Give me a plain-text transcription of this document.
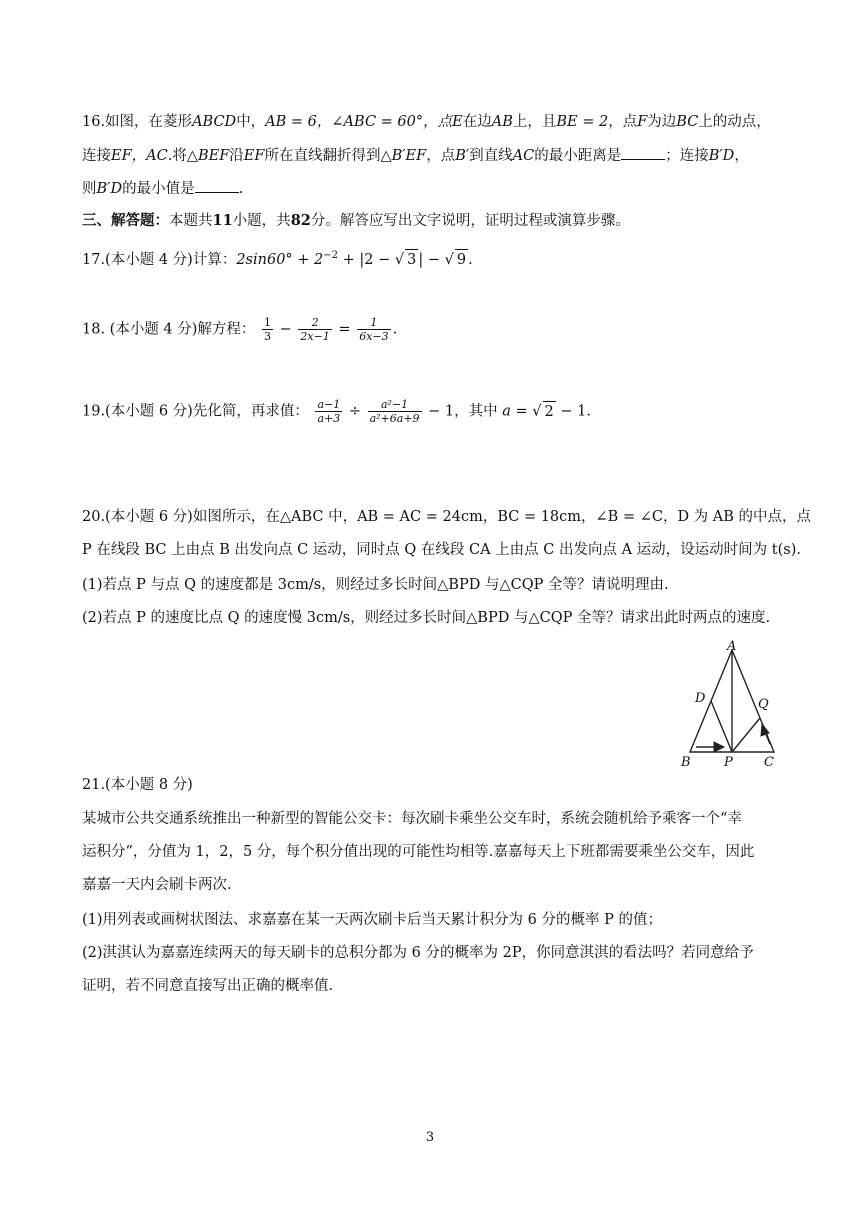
16.如图，在菱形ABCD中，AB = 6，∠ABC = 60°，点E在边AB上，且BE = 2，点F为边BC上的动点，
连接EF，AC.将△BEF沿EF所在直线翻折得到△B′EF，点B′到直线AC的最小距离是	；连接B′D，
则B′D的最小值是	.
三、解答题：本题共11小题，共82分。解答应写出文字说明，证明过程或演算步骤。
17.(本小题 4 分)计算：$2\sin 60^\circ + 2^{-2} + |2$ − √ 3 | − √ 9 .
18. (本小题 4 分)解方程： $\frac{1}{3} - \frac{2}{2x-1} = \frac{1}{6x-3}$ .
19.(本小题 6 分)先化简，再求值： $\frac{a-1}{a+3} \div \frac{\text{a²−1}}{\text{a²+6a+9}} - 1$，其中 a = √ 2 − 1.
20.(本小题 6 分)如图所示，在△ABC 中，AB = AC = 24cm，BC = 18cm，∠B = ∠C，D 为 AB 的中点，点
P 在线段 BC 上由点 B 出发向点 C 运动，同时点 Q 在线段 CA 上由点 C 出发向点 A 运动，设运动时间为 t(s).
(1)若点 P 与点 Q 的速度都是 3cm/s，则经过多长时间△BPD 与△CQP 全等？请说明理由.
(2)若点 P 的速度比点 Q 的速度慢 3cm/s，则经过多长时间△BPD 与△CQP 全等？请求出此时两点的速度.
A
B	C
D
P
Q
21.(本小题 8 分)
某城市公共交通系统推出一种新型的智能公交卡：每次刷卡乘坐公交车时，系统会随机给予乘客一个“幸
运积分”，分值为 1，2，5 分，每个积分值出现的可能性均相等.嘉嘉每天上下班都需要乘坐公交车，因此
嘉嘉一天内会刷卡两次.
(1)用列表或画树状图法、求嘉嘉在某一天两次刷卡后当天累计积分为 6 分的概率 P 的值；
(2)淇淇认为嘉嘉连续两天的每天刷卡的总积分都为 6 分的概率为 2P，你同意淇淇的看法吗？若同意给予
证明，若不同意直接写出正确的概率值.
3
